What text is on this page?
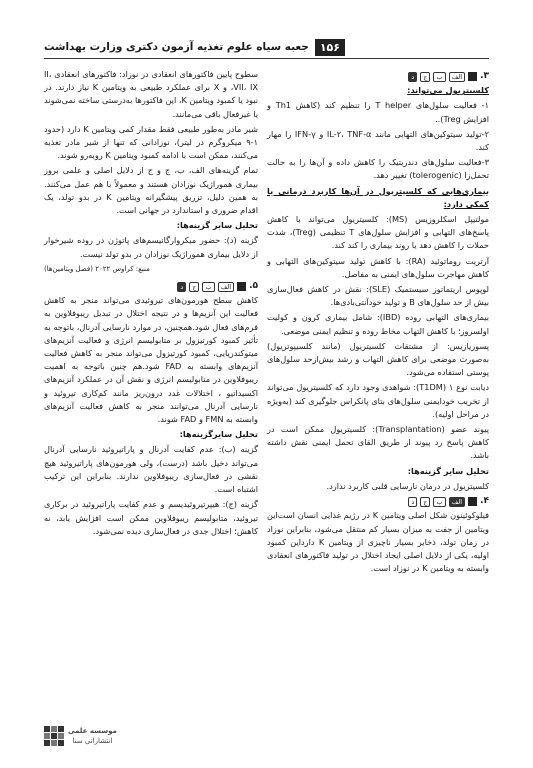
۱۵۶
جعبه سیاه علوم تغذیه آزمون دکتری وزارت بهداشت
۳.
الف
ب
ج
د

کلسیتریول می‌تواند:

۱- فعالیت سلول‌های T helper را تنظیم کند (کاهش Th1 و افزایش Treg)..

۲-تولید سیتوکین‌های التهابی مانند IL-۲، TNF-α و IFN-γ را مهار کند.

۳-فعالیت سلول‌های دندریتیک را کاهش داده و آن‌ها را به حالت تحمل‌زا (tolerogenic) تغییر دهد.

بیماری‌هایی که کلسیتریول در آن‌ها کاربرد درمانی یا کمکی دارد:

مولتیپل اسکلروزیس (MS): کلسیتریول می‌تواند با کاهش پاسخ‌های التهابی و افزایش سلول‌های T تنظیمی (Treg)، شدت حملات را کاهش دهد یا روند بیماری را کند کند.

آرتریت روماتوئید (RA): با کاهش تولید سیتوکین‌های التهابی و کاهش مهاجرت سلول‌های ایمنی به مفاصل.

لوپوس اریتماتوز سیستمیک (SLE): نقش در کاهش فعال‌سازی بیش از حد سلول‌های B و تولید خودآنتی‌بادی‌ها.

بیماری‌های التهابی روده (IBD): شامل بیماری کرون و کولیت اولسروز؛ با کاهش التهاب مخاط روده و تنظیم ایمنی موضعی.

پسوریازیس: از مشتقات کلسیتریول (مانند کلسیپوتریول) به‌صورت موضعی برای کاهش التهاب و رشد بیش‌ازحد سلول‌های پوستی استفاده می‌شود.

دیابت نوع ۱ (T1DM): شواهدی وجود دارد که کلسیتریول می‌تواند از تخریب خودایمنی سلول‌های بتای پانکراس جلوگیری کند (به‌ویژه در مراحل اولیه).

پیوند عضو (Transplantation): کلسیتریول ممکن است در کاهش پاسخ رد پیوند از طریق القای تحمل ایمنی نقش داشته باشد.

تحلیل سایر گزینه‌ها:

کلسیتریول در درمان نارسایی قلبی کاربرد ندارد.

۴.
الف
ب
ج
د

فیلوکوئینون شکل اصلی ویتامین K در رژیم غذایی انسان است‌این ویتامین از جفت به میزان بسیار کم منتقل می‌شود، بنابراین نوزاد در زمان تولد، ذخایر بسیار ناچیزی از ویتامین K دارد‌این کمبود اولیه، یکی از دلایل اصلی ایجاد اختلال در تولید فاکتورهای انعقادی وابسته به ویتامین K در نوزاد است.

سطوح پایین فاکتورهای انعقادی در نوزاد: فاکتورهای انعقادی II، VII، IX، و X برای عملکرد طبیعی به ویتامین K نیاز دارند. در نبود یا کمبود ویتامین K، این فاکتورها به‌درستی ساخته نمی‌شوند یا غیرفعال باقی می‌مانند.

شیر مادر به‌طور طبیعی فقط مقدار کمی ویتامین K دارد (حدود ۱-۹ میکروگرم در لیتر)، نوزادانی که تنها از شیر مادر تغذیه می‌کنند، ممکن است با ادامه کمبود ویتامین K روبه‌رو شوند.

تمام گزینه‌های الف، ب، ج و ج از دلایل اصلی و علمی بروز بیماری هموراژیک نوزادان هستند و معمولاً با هم عمل می‌کنند. به همین دلیل، تزریق پیشگیرانه ویتامین K در بدو تولد، یک اقدام ضروری و استاندارد در جهانی است.

تحلیل سایر گزینه‌ها:

گزینه (د): حضور میکروارگانیسم‌های پاتوژن در روده شیرخوار از دلایل بیماری هموراژیک نوزادان در بدو تولد نیست.

منبع: کراوس ۲۰۲۲ (فصل ویتامین‌ها)
۵.
الف
ب
ج
د

کاهش سطح هورمون‌های تیروئیدی می‌تواند منجر به کاهش فعالیت این آنزیم‌ها و در نتیجه اختلال در تبدیل ریبوفلاوین به فرم‌های فعال شود.همچنین، در موارد نارسایی آدرنال، باتوجه به تأثیر کمبود کورتیزول بر متابولیسم انرژی و فعالیت آنزیم‌های میتوکندریایی، کمبود کورتیزول می‌تواند منجر به کاهش فعالیت آنزیم‌های وابسته به FAD شود.هم چنین باتوجه به اهمیت ریبوفلاوین در متابولیسم انرژی و نقش آن در عملکرد آنزیم‌های اکسیداتیو ، اختلالات غدد درون‌ریز مانند کم‌کاری تیروئید و نارسایی آدرنال می‌توانند منجر به کاهش فعالیت آنزیم‌های وابسته به FMN و FAD شوند.

تحلیل سایرگزینه‌ها:

گزینه (ب): عدم کفایت آدرنال و پاراتیروئید نارسایی آدرنال می‌تواند دخیل باشد (درست)، ولی هورمون‌های پاراتیروئید هیچ نقشی در فعال‌سازی ریبوفلاوین ندارند. بنابراین این ترکیب اشتباه است.

گزینه (ج): هیپرتیروئیدیسم و عدم کفایت پاراتیروئید در برکاری تیروئید، متابولیسم ریبوفلاوین ممکن است افزایش یابد، نه کاهش؛ اختلال جدی در فعال‌سازی دیده نمی‌شود.

موسسه علمی
انتشاراتی سنا
